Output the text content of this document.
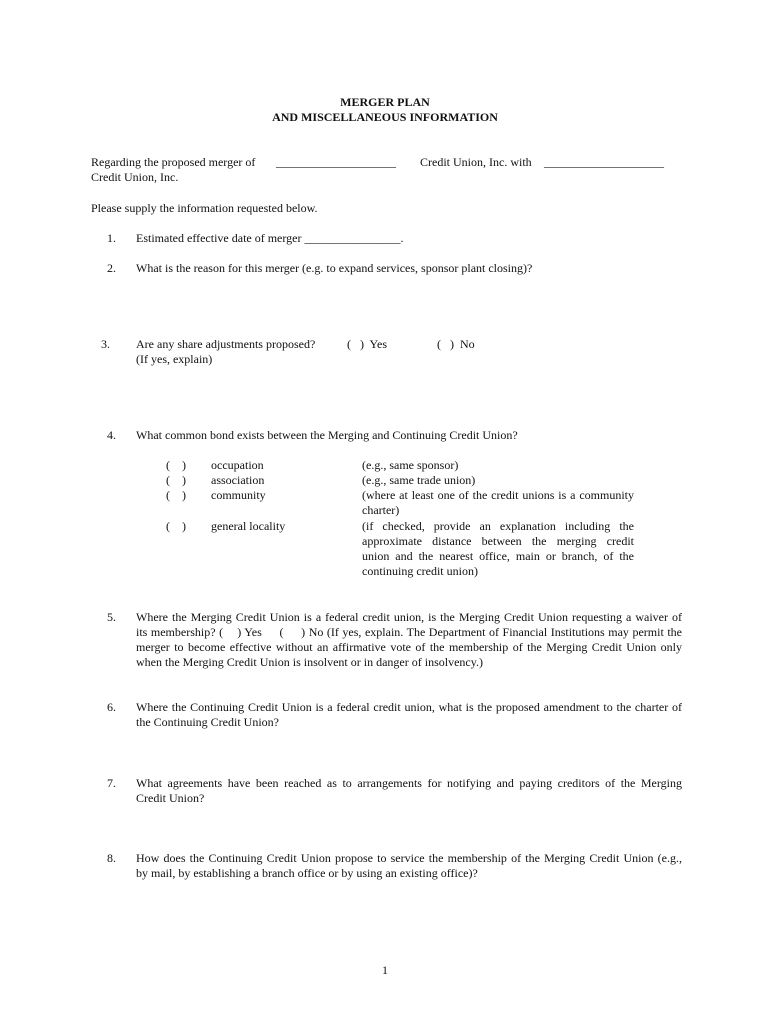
MERGER PLAN
AND MISCELLANEOUS INFORMATION
Regarding the proposed merger of ____________________ Credit Union, Inc. with ____________________
Credit Union, Inc.
Please supply the information requested below.
1. Estimated effective date of merger ________________.
2. What is the reason for this merger (e.g. to expand services, sponsor plant closing)?
3. Are any share adjustments proposed?	(   )  Yes	(   )  No
(If yes, explain)
4. What common bond exists between the Merging and Continuing Credit Union?
(    ) occupation	(e.g., same sponsor)
(    ) association	(e.g., same trade union)
(    ) community	(where at least one of the credit unions is a community
charter)
(    ) general locality	(if checked, provide an explanation including the
approximate distance between the merging credit
union and the nearest office, main or branch, of the
continuing credit union)
5. Where the Merging Credit Union is a federal credit union, is the Merging Credit Union requesting a waiver of
its membership? (    ) Yes     (     ) No (If yes, explain. The Department of Financial Institutions may permit the
merger to become effective without an affirmative vote of the membership of the Merging Credit Union only
when the Merging Credit Union is insolvent or in danger of insolvency.)
6. Where the Continuing Credit Union is a federal credit union, what is the proposed amendment to the charter of
the Continuing Credit Union?
7. What agreements have been reached as to arrangements for notifying and paying creditors of the Merging
Credit Union?
8. How does the Continuing Credit Union propose to service the membership of the Merging Credit Union (e.g.,
by mail, by establishing a branch office or by using an existing office)?
1
